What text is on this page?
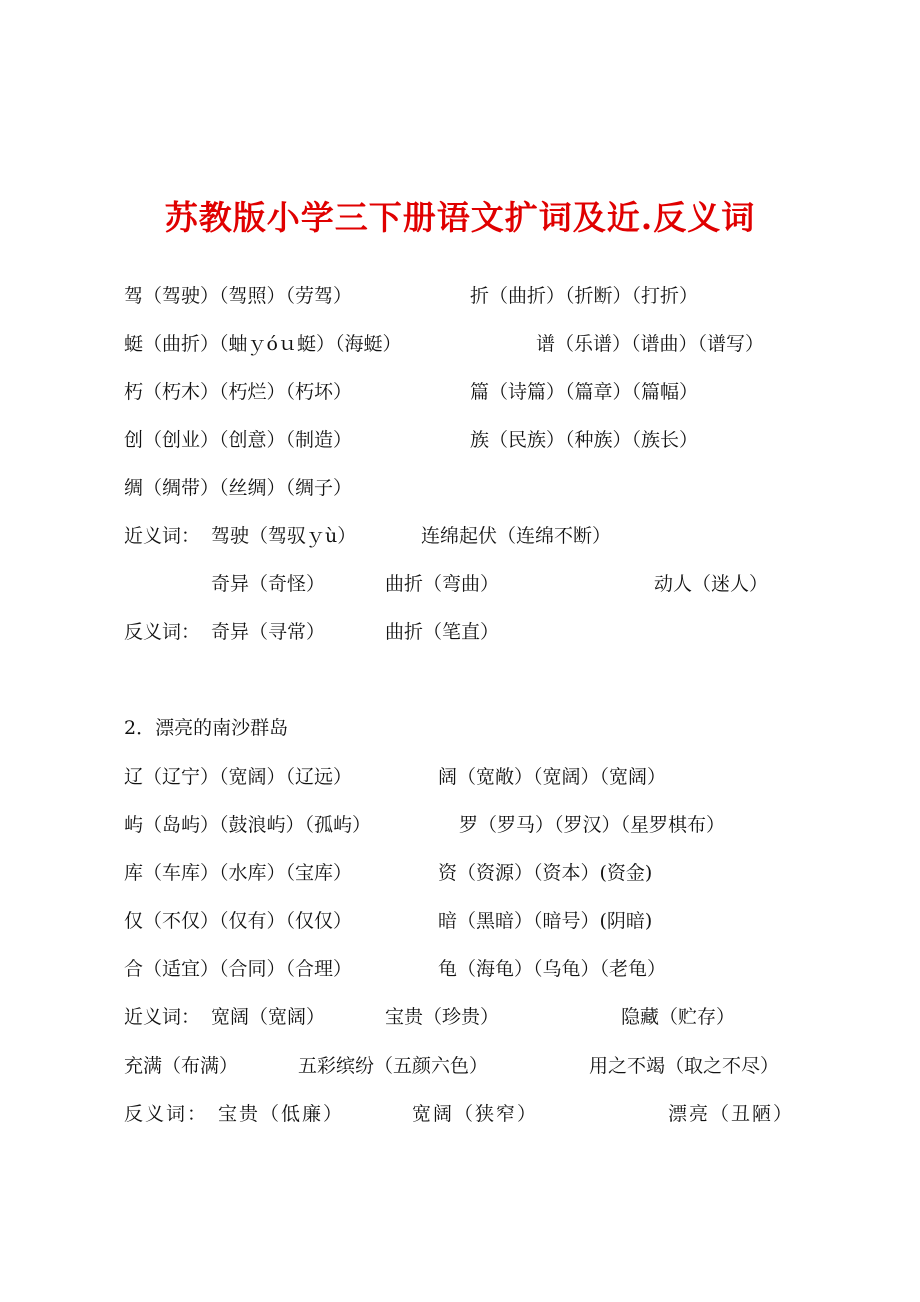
苏教版小学三下册语文扩词及近.反义词
驾（驾驶）（驾照）（劳驾）	折（曲折）（折断）（打折）
蜓（曲折）（蚰ｙóｕ蜓）（海蜓）	谱（乐谱）（谱曲）（谱写）
朽（朽木）（朽烂）（朽坏）	篇（诗篇）（篇章）（篇幅）
创（创业）（创意）（制造）	族（民族）（种族）（族长）
绸（绸带）（丝绸）（绸子）
近义词： 驾驶（驾驭ｙù）	连绵起伏（连绵不断）
奇异（奇怪）	曲折（弯曲）	动人（迷人）
反义词： 奇异（寻常）	曲折（笔直）
2．漂亮的南沙群岛
辽（辽宁）（宽阔）（辽远）	阔（宽敞）（宽阔）（宽阔）
屿（岛屿）（鼓浪屿）（孤屿）	罗（罗马）（罗汉）（星罗棋布）
库（车库）（水库）（宝库）	资（资源）（资本）(资金)
仅（不仅）（仅有）（仅仅）	暗（黑暗）（暗号）(阴暗)
合（适宜）（合同）（合理）	龟（海龟）（乌龟）（老龟）
近义词： 宽阔（宽阔）	宝贵（珍贵）	隐藏（贮存）
充满（布满）	五彩缤纷（五颜六色）	用之不竭（取之不尽）
反义词： 宝贵（低廉）	宽阔（狭窄）	漂亮（丑陋）
